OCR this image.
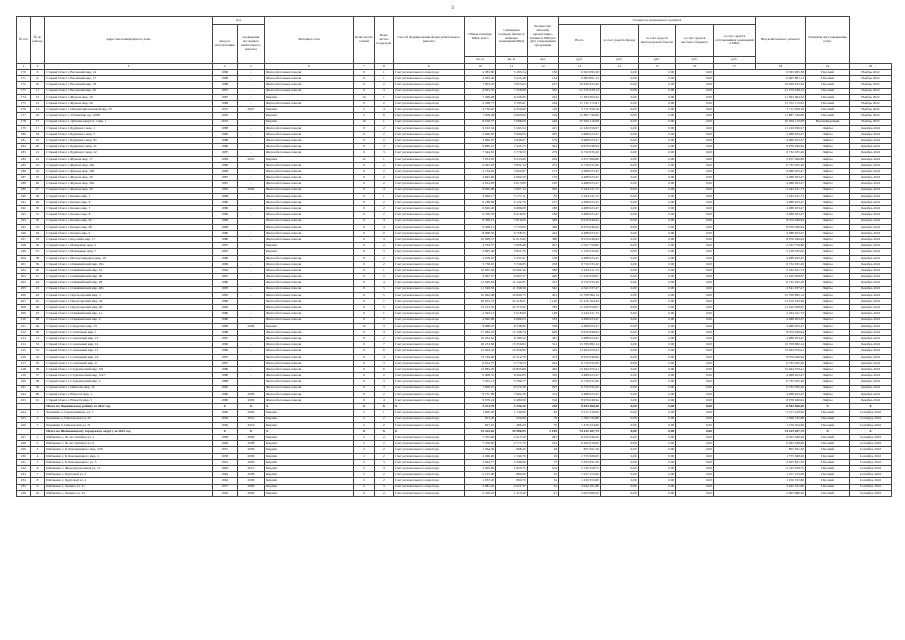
3
№ п/п	№ по району	Адрес многоквартирного дома	Год		Материал стен	Коли-чество этажей	Коли-чество подъездов	Способ формирования фонда капитального ремонта	Общая площадь МКД, всего	Суммарная площадь жилых и нежилых помещений МКД	Количество жителей, зарегистриро-ванных в МКД на дату утверждения программы	Стоимость капитального ремонта					Вид капитального ремонта	Плановая дата завершения работ	
			ввода в эксплуатацию	проведения последнего капитального ремонта								Всего	за счет средств Фонда	за счет средств Белгородской области	за счет средств местного бюджета	за счет средств собственников помещений в МКД			
									кв. м	кв. м	чел.	руб.	руб.	руб.	руб.	руб.			
1	2	3	4	5	6	7	8	9	10	11	12	13	14	15	16	17	18	19	20
170	6	Старый Оскол г, Весенний мкр, 14	1986	-	Железобетонные панели	9	1	Счет регионального оператора	4 383,80	3 185,54	136	6 563 095,58	0,00	0,00	0,00	6 563 095,58		Плоский	Ноябрь 2022
171	9	Старый Оскол г, Весенний мкр, 17	1988	-	Железобетонные панели	9	1	Счет регионального оператора	4 465,40	3 225,48	134	6 665 891,13	0,00	0,00	0,00	6 665 891,13		Плоский	Ноябрь 2022
172	10	Старый Оскол г, Весенний мкр, 18	1988	-	Железобетонные панели	9	2	Счет регионального оператора	7 993,45	5 825,64	237	10 928 433,20	0,00	0,00	0,00	10 928 433,20		Плоский	Ноябрь 2022
173	11	Старый Оскол г, Весенний мкр, 20	1987	-	Железобетонные панели	9	3	Счет регионального оператора	9 823,35	7 558,08	332	21 579 438,14	0,00	0,00	0,00	21 579 438,14		Плоский	Ноябрь 2022
174	13	Старый Оскол г, Жукова мкр, 19	1987	-	Кирпич	12	1	Счет регионального оператора	7 499,28	6 226,06	222	11 363 064,52	0,00	0,00	0,00	11 363 064,52		Плоский	Ноябрь 2022
175	15	Старый Оскол г, Жукова мкр, 29	1988	-	Железобетонные панели	9	2	Счет регионального оператора	4 598,77	3 783,61	184	11 752 172,81	0,00	0,00	0,00	11 752 172,81		Плоский	Ноябрь 2022
176	14	Старый Оскол г, Интернациональный мкр, 35	1975	2007	Кирпич	5	4	Счет регионального оператора	4 736,20	4 250,00	116	3 711 956,19	0,00	0,00	0,00	3 711 956,19		Плоский	Ноябрь 2022
177	16	Старый Оскол г, Ублинские пр, 10/68	1965	-	Кирпич	5	8	Счет регионального оператора	7 958,28	4 895,00	119	11 887 740,89	0,00	0,00	0,00	11 887 740,89		Плоский	Ноябрь 2022
178	17	Старый Оскол г, Дубрава квартал 1 мкр, 1	2010	-	Кирпич	10	1	Счет регионального оператора	8 018,57	7 088,00	246	25 920 110,08	0,00	0,00	0,00	25 920 110,08		Вентилируемый	Ноябрь 2022
179	17	Старый Оскол г, Будённого мкр, 1	1988	-	Железобетонные панели	9	2	Счет регионального оператора	9 163,34	5 163,34	415	11 220 056,97	0,00	0,00	0,00	11 220 056,97		Лифты	Декабрь 2022
180	18	Старый Оскол г, Будённого мкр, 5	1989	-	Железобетонные панели	9	2	Счет регионального оператора	5 990,05	5 990,05	295	4 488 023,47	0,00	0,00	0,00	4 488 023,47		Лифты	Декабрь 2022
181	19	Старый Оскол г, Будённого мкр, 8а	1988	-	Железобетонные панели	9	2	Счет регионального оператора	3 846,07	3 846,07	179	4 488 023,47	0,00	0,00	0,00	4 488 023,47		Лифты	Декабрь 2022
182	20	Старый Оскол г, Будённого мкр, 21	1986	-	Железобетонные панели	9	4	Счет регионального оператора	9 865,21	7 445,73	324	8 976 046,94	0,00	0,00	0,00	8 976 046,94		Лифты	Декабрь 2022
183	21	Старый Оскол г, Будённого мкр, 22	1987	-	Железобетонные панели	9	3	Счет регионального оператора	7 344,81	5 776,53	279	6 732 035,20	0,00	0,00	0,00	6 732 035,20		Лифты	Декабрь 2022
184	22	Старый Оскол г, Жукова мкр, 17	1984	2010	Кирпич	12	1	Счет регионального оператора	7 033,05	6 233,60	229	2 675 366,80	0,00	0,00	0,00	2 675 366,80		Лифты	Декабрь 2022
185	23	Старый Оскол г, Жукова мкр, 29а	1986	-	Железобетонные панели	9	2	Счет регионального оператора	6 943,63	5 841,34	272	6 732 035,20	0,00	0,00	0,00	6 732 035,20		Лифты	Декабрь 2022
186	24	Старый Оскол г, Жукова мкр, 28б	1986	-	Железобетонные панели	9	2	Счет регионального оператора	4 734,93	3 602,87	175	4 488 023,47	0,00	0,00	0,00	4 488 023,47		Лифты	Декабрь 2022
187	25	Старый Оскол г, Жукова мкр, 30	1987	-	Железобетонные панели	9	2	Счет регионального оператора	4 845,84	4 060,59	170	4 488 023,47	0,00	0,00	0,00	4 488 023,47		Лифты	Декабрь 2022
188	26	Старый Оскол г, Жукова мкр, 30а	1987	-	Железобетонные панели	9	2	Счет регионального оператора	4 614,83	4 015,89	165	4 488 023,47	0,00	0,00	0,00	4 488 023,47		Лифты	Декабрь 2022
189	27	Старый Оскол г, Жукова мкр, 36	1983	2009	Железобетонные панели	9	4	Счет регионального оператора	9 820,06	7 607,14	362	2 244 011,73	0,00	0,00	0,00	2 244 011,73		Лифты	Декабрь 2022
190	28	Старый Оскол г, Конева мкр, 1	1986	-	Железобетонные панели	9	1	Счет регионального оператора	4 060,17	3 177,11	83	2 244 011,73	0,00	0,00	0,00	2 244 011,73		Лифты	Декабрь 2022
191	29	Старый Оскол г, Конева мкр, 6	1986	-	Железобетонные панели	9	2	Счет регионального оператора	6 188,84	6 122,79	155	4 488 023,47	0,00	0,00	0,00	4 488 023,47		Лифты	Декабрь 2022
192	30	Старый Оскол г, Конева мкр, 7	1986	-	Железобетонные панели	9	2	Счет регионального оператора	6 826,46	6 686,68	180	4 488 023,47	0,00	0,00	0,00	4 488 023,47		Лифты	Декабрь 2022
193	31	Старый Оскол г, Конева мкр, 8	1986	-	Железобетонные панели	9	2	Счет регионального оператора	6 709,36	6 418,00	180	4 488 023,47	0,00	0,00	0,00	4 488 023,47		Лифты	Декабрь 2022
194	32	Старый Оскол г, Конева мкр, 8а	1986	-	Железобетонные панели	9	4	Счет регионального оператора	8 396,12	7 816,00	349	8 976 046,94	0,00	0,00	0,00	8 976 046,94		Лифты	Декабрь 2022
195	33	Старый Оскол г, Конева мкр, 8б	1986	-	Железобетонные панели	9	4	Счет регионального оператора	9 598,13	7 733,00	360	8 976 046,94	0,00	0,00	0,00	8 976 046,94		Лифты	Декабрь 2022
196	34	Старый Оскол г, Конева мкр, 9	1986	-	Железобетонные панели	9	2	Счет регионального оператора	8 098,50	6 758,55	242	4 488 023,47	0,00	0,00	0,00	4 488 023,47		Лифты	Декабрь 2022
197	35	Старый Оскол г, Королёва мкр, 17	1986	-	Железобетонные панели	9	4	Счет регионального оператора	10 609,57	11 015,60	380	8 976 046,94	0,00	0,00	0,00	8 976 046,94		Лифты	Декабрь 2022
198	36	Старый Оскол г, Макаренко мкр, 5	1987	-	Кирпич	9	2	Счет регионального оператора	4 794,57	3 908,48	207	2 522 759,80	0,00	0,00	0,00	2 522 759,80		Лифты	Декабрь 2022
199	37	Старый Оскол г, Макаренко мкр, 7	1987	-	Кирпич	9	3	Счет регионального оператора	2 895,40	2 851,70	139	5 128 332,62	0,00	0,00	0,00	5 128 332,62		Лифты	Декабрь 2022
200	38	Старый Оскол г, Молодогвардеец мкр, 16	1989	-	Железобетонные панели	9	2	Счет регионального оператора	3 678,61	3 357,41	150	4 488 023,47	0,00	0,00	0,00	4 488 023,47		Лифты	Декабрь 2022
201	39	Старый Оскол г, Олимпийский мкр, 20а	1986	-	Железобетонные панели	9	2	Счет регионального оператора	5 738,05	5 726,85	258	6 732 035,20	0,00	0,00	0,00	6 732 035,20		Лифты	Декабрь 2022
202	40	Старый Оскол г, Олимпийский мкр, 24	1984	-	Железобетонные панели	9	1	Счет регионального оператора	10 092,56	10 092,56	586	2 244 011,73	0,00	0,00	0,00	2 244 011,73		Лифты	Декабрь 2022
203	41	Старый Оскол г, Олимпийский мкр, 60	1987	-	Железобетонные панели	9	5	Счет регионального оператора	9 967,57	9 967,57	420	11 220 058,67	0,00	0,00	0,00	11 220 058,67		Лифты	Декабрь 2022
204	42	Старый Оскол г, Олимпийский мкр, 48	1986	-	Железобетонные панели	9	4	Счет регионального оператора	13 049,64	11 144,65	413	6 732 035,20	0,00	0,00	0,00	6 732 035,20		Лифты	Декабрь 2022
205	43	Старый Оскол г, Олимпийский мкр, 48а	1983	-	Железобетонные панели	9	5	Счет регионального оператора	11 346,56	11 346,56	542	4 541 037,47	0,00	0,00	0,00	4 541 037,47		Лифты	Декабрь 2022
206	44	Старый Оскол г, Пролетарский мкр, 5	1985	-	Железобетонные панели	9	5	Счет регионального оператора	10 962,48	10 849,75	401	15 708 082,14	0,00	0,00	0,00	15 708 082,14		Лифты	Декабрь 2022
207	45	Старый Оскол г, Пролетарский мкр, 30	1986	-	Железобетонные панели	9	7	Счет регионального оператора	26 033,72	25 218,21	1 140	31 416 164,29	0,00	0,00	0,00	31 416 164,29		Лифты	Декабрь 2022
208	46	Старый Оскол г, Пролетарский мкр, 60	1990	-	Железобетонные панели	9	5	Счет регионального оператора	15 191,32	10 175,92	782	11 220 058,67	0,00	0,00	0,00	11 220 058,67		Лифты	Декабрь 2022
209	47	Старый Оскол г, Олимпийский мкр, 11	1986	-	Железобетонные панели	9	1	Счет регионального оператора	4 593,13	3 218,00	148	2 244 011,73	0,00	0,00	0,00	2 244 011,73		Лифты	Декабрь 2022
210	48	Старый Оскол г, Олимпийский мкр, 9	1986	-	Железобетонные панели	9	2	Счет регионального оператора	4 840,08	4 066,23	183	4 488 023,47	0,00	0,00	0,00	4 488 023,47		Лифты	Декабрь 2022
211	49	Старый Оскол г, Свердлова мкр, 25	1989	2009	Кирпич	10	3	Счет регионального оператора	9 868,25	8 538,09	339	4 488 023,47	0,00	0,00	0,00	4 488 023,47		Лифты	Декабрь 2022
212	50	Старый Оскол г, Солнечный мкр, 1	1988	-	Железобетонные панели	9	4	Счет регионального оператора	17 285,16	15 146,74	620	8 976 046,94	0,00	0,00	0,00	8 976 046,94		Лифты	Декабрь 2022
213	51	Старый Оскол г, Солнечный мкр, 13	1987	-	Железобетонные панели	9	2	Счет регионального оператора	10 032,62	8 189,32	381	4 488 023,47	0,00	0,00	0,00	4 488 023,47		Лифты	Декабрь 2022
214	52	Старый Оскол г, Солнечный мкр, 14	1986	-	Железобетонные панели	9	7	Счет регионального оператора	20 233,84	15 556,84	512	15 708 082,14	0,00	0,00	0,00	15 708 082,14		Лифты	Декабрь 2022
215	53	Старый Оскол г, Солнечный мкр, 15	1986	-	Железобетонные панели	9	6	Счет регионального оператора	13 494,45	10 456,99	419	13 464 070,41	0,00	0,00	0,00	13 464 070,41		Лифты	Декабрь 2022
216	54	Старый Оскол г, Солнечный мкр, 16	1987	-	Железобетонные панели	9	4	Счет регионального оператора	13 749,06	12 512,78	373	8 976 046,94	0,00	0,00	0,00	8 976 046,94		Лифты	Декабрь 2022
217	55	Старый Оскол г, Солнечный мкр, 9	1987	-	Железобетонные панели	9	3	Счет регионального оператора	6 814,75	5 776,25	224	6 732 035,20	0,00	0,00	0,00	6 732 035,20		Лифты	Декабрь 2022
218	56	Старый Оскол г, Студенческий мкр, 3/9	1986	-	Железобетонные панели	9	6	Счет регионального оператора	13 685,29	10 833,86	462	13 464 070,41	0,00	0,00	0,00	13 464 070,41		Лифты	Декабрь 2022
219	57	Старый Оскол г, Студенческий мкр, 3/4/7	1988	-	Железобетонные панели	9	2	Счет регионального оператора	6 408,55	6 264,85	310	4 488 023,47	0,00	0,00	0,00	4 488 023,47		Лифты	Декабрь 2022
220	58	Старый Оскол г, Студенческий мкр, 5	1988	-	Железобетонные панели	9	3	Счет регионального оператора	7 455,13	5 766,77	295	6 732 035,20	0,00	0,00	0,00	6 732 035,20		Лифты	Декабрь 2022
221	59	Старый Оскол г, Шкатова мкр, 16	1985	-	Железобетонные панели	9	3	Счет регионального оператора	7 600,27	6 572,38	297	6 732 035,20	0,00	0,00	0,00	6 732 035,20		Лифты	Декабрь 2022
222	60	Старый Оскол г, Юности мкр, 1	1986	2009	Железобетонные панели	9	2	Счет регионального оператора	9 757,99	7 962,26	312	4 488 023,47	0,00	0,00	0,00	4 488 023,47		Лифты	Декабрь 2022
223	61	Старый Оскол г, Юности мкр, 5	1986	2009	Железобетонные панели	9	4	Счет регионального оператора	9 979,24	9 480,99	316	8 976 046,94	0,00	0,00	0,00	8 976 046,94		Лифты	Декабрь 2022
		Итого по Чернянскому району за 2022 год	X	X	X	X	X	X	5 474,70	3 709,20	218	8 393 466,40	0,00	0,00	0,00	8 393 466,40		X	X
224	1	Чернянка п, Орджоникидзе ул, 7	1960	2009	Кирпич	2	1	Счет регионального оператора	1 800,20	1 740,00	82	5 517 410,00	0,00	0,00	0,00	5 517 410,00		Плоский	Сентябрь 2022
225	2	Чернянка п, Пионерская ул, 24	1959	2010	Кирпич	2	2	Счет регионального оператора	913,40	524,00	76	1 596 745,88	0,00	0,00	0,00	1 596 745,88		Плоский	Сентябрь 2022
226	3	Чернянка п, Пионерская ул, 31	1959	2010	Кирпич	2	2	Счет регионального оператора	827,10	486,20	70	1 479 324,60	0,00	0,00	0,00	1 479 324,60		Плоский	Сентябрь 2022
		Итого по Шебекинскому городскому округу за 2022 год	X	X	X	X	X	X	51 325,62	35 900,95	2 169	74 415 187,75	0,00	0,00	0,00	74 415 187,75		X	X
227	1	Шебекино г, 50 лет Октября ул, 4	1968	2008	Кирпич	2	2	Счет регионального оператора	7 355,90	4 413,50	281	6 025 646,20	0,00	0,00	0,00	6 025 646,20		Плоский	Сентябрь 2022
228	2	Шебекино г, 50 лет Октября ул, 6	1966	2008	Кирпич	2	2	Счет регионального оператора	7 356,00	4 777,70	104	6 262 618,00	0,00	0,00	0,00	6 262 618,00		Плоский	Сентябрь 2022
229	3	Шебекино г, К.Хмельницкого мкр, 3/20	1957	2009	Кирпич	2	2	Счет регионального оператора	1 364,50	698,20	26	855 291,50	0,00	0,00	0,00	855 291,50		Плоский	Сентябрь 2022
230	4	Шебекино г, К.Хмельницкого мкр, 4	1958	2009	Кирпич	2	2	Счет регионального оператора	2 466,00	1 346,70	26	1 755 568,00	0,00	0,00	0,00	1 755 568,00		Плоский	Сентябрь 2022
231	5	Шебекино г, К.Хмельницкого ул, 5	1961	2009	Кирпич	2	3	Счет регионального оператора	2 944,77	1 946,99	75	2 655 831,50	0,00	0,00	0,00	2 655 831,50		Плоский	Сентябрь 2022
232	6	Шебекино г, Железнодорожная ул, 12	1982	2013	Кирпич	5	4	Счет регионального оператора	3 495,60	1 825,75	104	2 745 258,75	0,00	0,00	0,00	2 745 258,75		Плоский	Сентябрь 2022
233	7	Шебекино г, Крупской ул, 2	1964	2008	Кирпич	2	2	Счет регионального оператора	2 137,90	860,90	35	1 257 153,00	0,00	0,00	0,00	1 257 153,00		Плоский	Сентябрь 2022
234	8	Шебекино г, Крупской ул, 4	1964	2009	Кирпич	2	2	Счет регионального оператора	1 957,20	860,70	34	1 250 355,80	0,00	0,00	0,00	1 250 355,80		Плоский	Сентябрь 2022
235	9	Шебекино г, Ленина ул, 31	1957	2009	Кирпич	2	3	Счет регионального оператора	2 981,20	2 021,37	61	3 042 161,80	0,00	0,00	0,00	3 042 161,80		Плоский	Сентябрь 2022
236	10	Шебекино г, Ленина ул, 33	1962	2009	Кирпич	4	2	Счет регионального оператора	2 318,24	1 313,30	61	2 003 686,50	0,00	0,00	0,00	2 003 686,50		Плоский	Сентябрь 2022
